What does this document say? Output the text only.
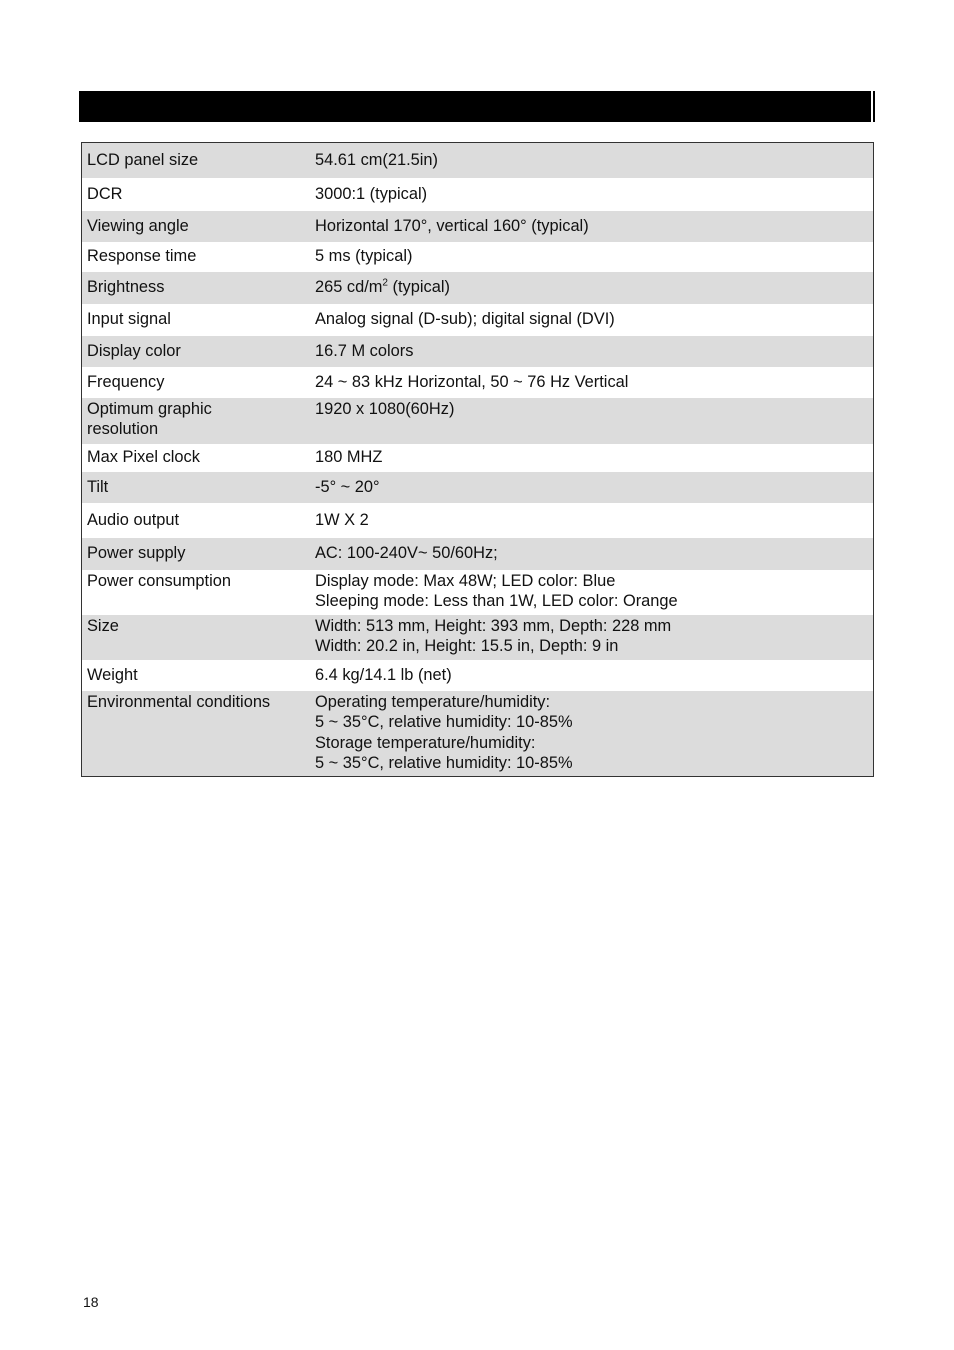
LCD panel size	54.61 cm(21.5in)
DCR	3000:1 (typical)
Viewing angle	Horizontal 170°, vertical 160° (typical)
Response time	5 ms (typical)
Brightness	265 $cd/m^2$ (typical)
Input signal	Analog signal (D-sub); digital signal (DVI)
Display color	16.7 M colors
Frequency	24 ~ 83 kHz Horizontal, 50 ~ 76 Hz Vertical

Optimum graphic
resolution	1920 x 1080(60Hz)
Max Pixel clock	180 MHZ
Tilt	-5° ~ 20°
Audio output	1W X 2
Power supply	AC: 100-240V~ 50/60Hz;
Power consumption	Display mode: Max 48W; LED color: Blue
Sleeping mode: Less than 1W, LED color: Orange

Size	Width: 513 mm, Height: 393 mm, Depth: 228 mm
Width: 20.2 in, Height: 15.5 in, Depth: 9 in

Weight	6.4 kg/14.1 lb (net)
Environmental conditions	Operating temperature/humidity:
5 ~ 35°C, relative humidity: 10-85%
Storage temperature/humidity:
5 ~ 35°C, relative humidity: 10-85%
18
